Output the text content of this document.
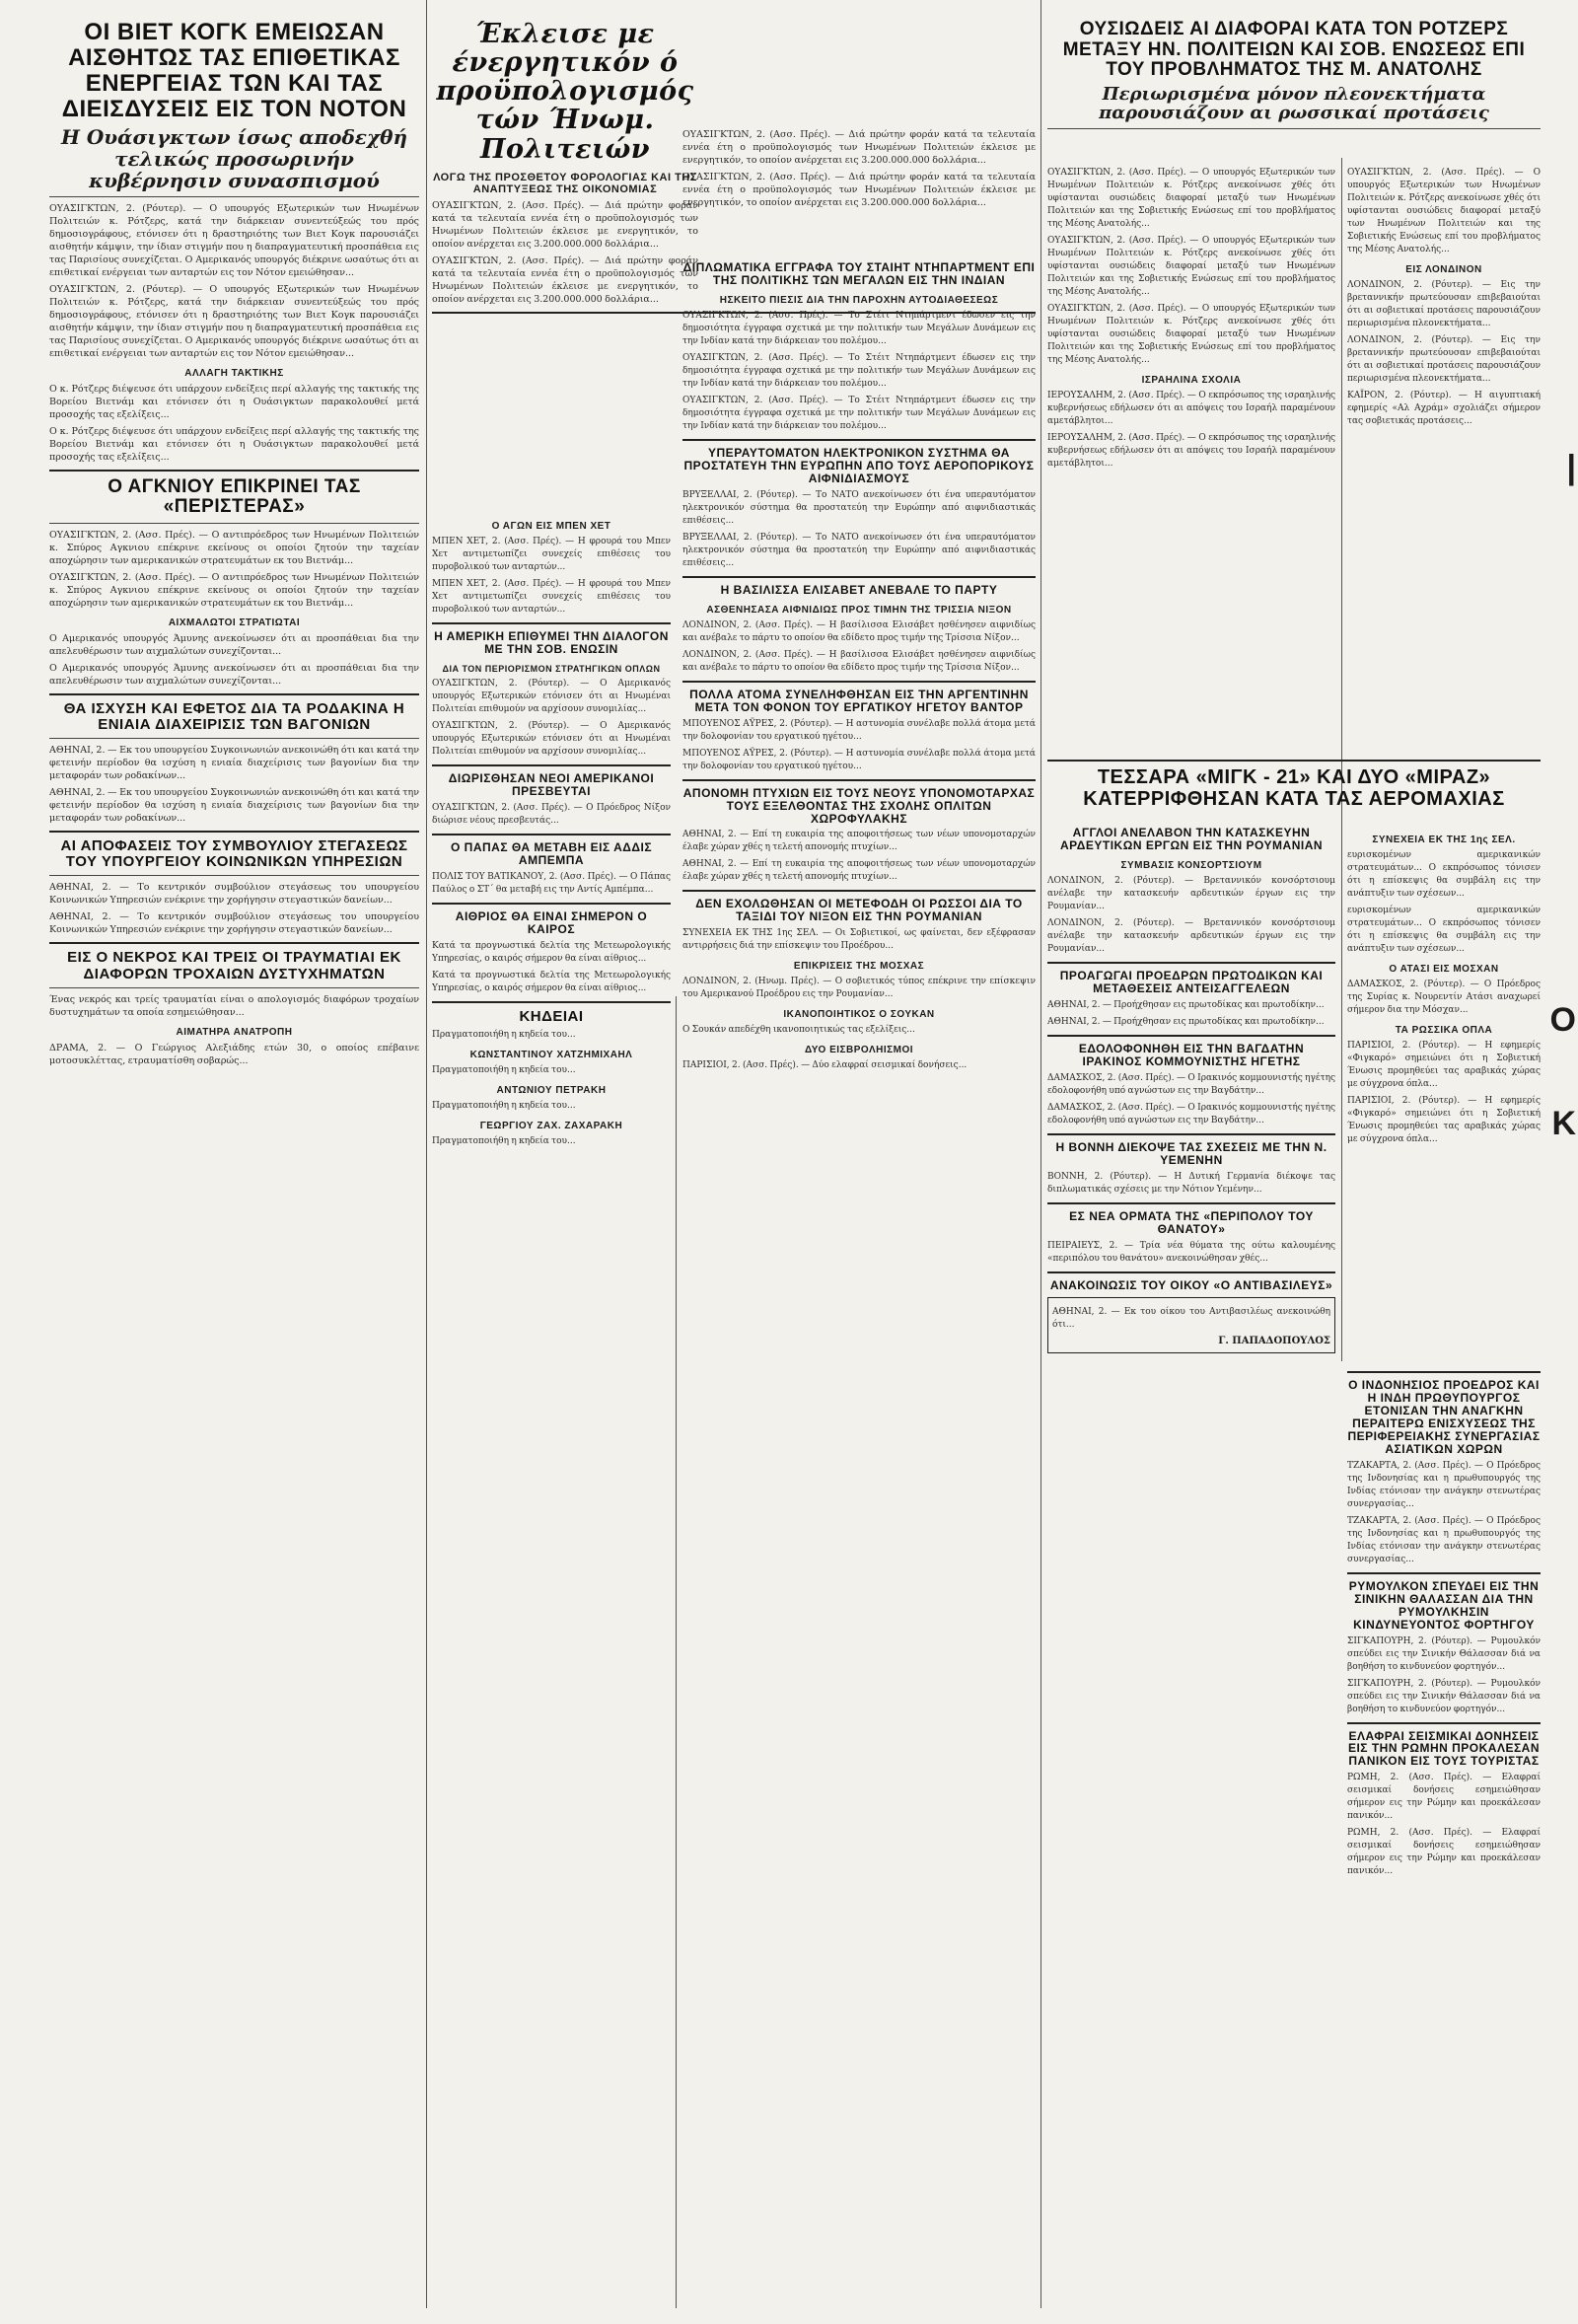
ΟΙ ΒΙΕΤ ΚΟΓΚ ΕΜΕΙΩΣΑΝ ΑΙΣΘΗΤΩΣ ΤΑΣ ΕΠΙΘΕΤΙΚΑΣ ΕΝΕΡΓΕΙΑΣ ΤΩΝ ΚΑΙ ΤΑΣ ΔΙΕΙΣΔΥΣΕΙΣ ΕΙΣ ΤΟΝ ΝΟΤΟΝ
Η Ουάσιγκτων ίσως αποδεχθή τελικώς προσωρινήν κυβέρνησιν συνασπισμού

ΟΥΑΣΙΓΚΤΩΝ, 2. (Ρόυτερ). — Ο υπουργός Εξωτερικών των Ηνωμένων Πολιτειών κ. Ρότζερς, κατά την διάρκειαν συνεντεύξεώς του πρός δημοσιογράφους, ετόνισεν ότι η δραστηριότης των Βιετ Κογκ παρουσιάζει αισθητήν κάμψιν, την ίδιαν στιγμήν που η διαπραγματευτική προσπάθεια εις τας Παρισίους συνεχίζεται. Ο Αμερικανός υπουργός διέκρινε ωσαύτως ότι αι επιθετικαί ενέργειαι των ανταρτών εις τον Νότον εμειώθησαν...

ΟΥΑΣΙΓΚΤΩΝ, 2. (Ρόυτερ). — Ο υπουργός Εξωτερικών των Ηνωμένων Πολιτειών κ. Ρότζερς, κατά την διάρκειαν συνεντεύξεώς του πρός δημοσιογράφους, ετόνισεν ότι η δραστηριότης των Βιετ Κογκ παρουσιάζει αισθητήν κάμψιν, την ίδιαν στιγμήν που η διαπραγματευτική προσπάθεια εις τας Παρισίους συνεχίζεται. Ο Αμερικανός υπουργός διέκρινε ωσαύτως ότι αι επιθετικαί ενέργειαι των ανταρτών εις τον Νότον εμειώθησαν...

ΑΛΛΑΓΗ ΤΑΚΤΙΚΗΣ

Ο κ. Ρότζερς διέψευσε ότι υπάρχουν ενδείξεις περί αλλαγής της τακτικής της Βορείου Βιετνάμ και ετόνισεν ότι η Ουάσιγκτων παρακολουθεί μετά προσοχής τας εξελίξεις...

Ο κ. Ρότζερς διέψευσε ότι υπάρχουν ενδείξεις περί αλλαγής της τακτικής της Βορείου Βιετνάμ και ετόνισεν ότι η Ουάσιγκτων παρακολουθεί μετά προσοχής τας εξελίξεις...

Ο ΑΓΚΝΙΟΥ ΕΠΙΚΡΙΝΕΙ ΤΑΣ «ΠΕΡΙΣΤΕΡΑΣ»

ΟΥΑΣΙΓΚΤΩΝ, 2. (Ασσ. Πρές). — Ο αντιπρόεδρος των Ηνωμένων Πολιτειών κ. Σπύρος Αγκνιου επέκρινε εκείνους οι οποίοι ζητούν την ταχείαν αποχώρησιν των αμερικανικών στρατευμάτων εκ του Βιετνάμ...

ΟΥΑΣΙΓΚΤΩΝ, 2. (Ασσ. Πρές). — Ο αντιπρόεδρος των Ηνωμένων Πολιτειών κ. Σπύρος Αγκνιου επέκρινε εκείνους οι οποίοι ζητούν την ταχείαν αποχώρησιν των αμερικανικών στρατευμάτων εκ του Βιετνάμ...

ΑΙΧΜΑΛΩΤΟΙ ΣΤΡΑΤΙΩΤΑΙ

Ο Αμερικανός υπουργός Άμυνης ανεκοίνωσεν ότι αι προσπάθειαι δια την απελευθέρωσιν των αιχμαλώτων συνεχίζονται...

Ο Αμερικανός υπουργός Άμυνης ανεκοίνωσεν ότι αι προσπάθειαι δια την απελευθέρωσιν των αιχμαλώτων συνεχίζονται...

ΘΑ ΙΣΧΥΣΗ ΚΑΙ ΕΦΕΤΟΣ ΔΙΑ ΤΑ ΡΟΔΑΚΙΝΑ Η ΕΝΙΑΙΑ ΔΙΑΧΕΙΡΙΣΙΣ ΤΩΝ ΒΑΓΟΝΙΩΝ

ΑΘΗΝΑΙ, 2. — Εκ του υπουργείου Συγκοινωνιών ανεκοινώθη ότι και κατά την φετεινήν περίοδον θα ισχύση η ενιαία διαχείρισις των βαγονίων δια την μεταφοράν των ροδακίνων...

ΑΘΗΝΑΙ, 2. — Εκ του υπουργείου Συγκοινωνιών ανεκοινώθη ότι και κατά την φετεινήν περίοδον θα ισχύση η ενιαία διαχείρισις των βαγονίων δια την μεταφοράν των ροδακίνων...

ΑΙ ΑΠΟΦΑΣΕΙΣ ΤΟΥ ΣΥΜΒΟΥΛΙΟΥ ΣΤΕΓΑΣΕΩΣ ΤΟΥ ΥΠΟΥΡΓΕΙΟΥ ΚΟΙΝΩΝΙΚΩΝ ΥΠΗΡΕΣΙΩΝ

ΑΘΗΝΑΙ, 2. — Το κεντρικόν συμβούλιον στεγάσεως του υπουργείου Κοινωνικών Υπηρεσιών ενέκρινε την χορήγησιν στεγαστικών δανείων...

ΑΘΗΝΑΙ, 2. — Το κεντρικόν συμβούλιον στεγάσεως του υπουργείου Κοινωνικών Υπηρεσιών ενέκρινε την χορήγησιν στεγαστικών δανείων...

ΕΙΣ Ο ΝΕΚΡΟΣ ΚΑΙ ΤΡΕΙΣ ΟΙ ΤΡΑΥΜΑΤΙΑΙ ΕΚ ΔΙΑΦΟΡΩΝ ΤΡΟΧΑΙΩΝ ΔΥΣΤΥΧΗΜΑΤΩΝ

Ένας νεκρός και τρείς τραυματίαι είναι ο απολογισμός διαφόρων τροχαίων δυστυχημάτων τα οποία εσημειώθησαν...

ΑΙΜΑΤΗΡΑ ΑΝΑΤΡΟΠΗ

ΔΡΑΜΑ, 2. — Ο Γεώργιος Αλεξιάδης ετών 30, ο οποίος επέβαινε μοτοσυκλέττας, ετραυματίσθη σοβαρώς...

Ο ΑΓΩΝ ΕΙΣ ΜΠΕΝ ΧΕΤ

ΜΠΕΝ ΧΕΤ, 2. (Ασσ. Πρές). — Η φρουρά του Μπεν Χετ αντιμετωπίζει συνεχείς επιθέσεις του πυροβολικού των ανταρτών...

ΜΠΕΝ ΧΕΤ, 2. (Ασσ. Πρές). — Η φρουρά του Μπεν Χετ αντιμετωπίζει συνεχείς επιθέσεις του πυροβολικού των ανταρτών...

Η ΑΜΕΡΙΚΗ ΕΠΙΘΥΜΕΙ ΤΗΝ ΔΙΑΛΟΓΟΝ ΜΕ ΤΗΝ ΣΟΒ. ΕΝΩΣΙΝ
ΔΙΑ ΤΟΝ ΠΕΡΙΟΡΙΣΜΟΝ ΣΤΡΑΤΗΓΙΚΩΝ ΟΠΛΩΝ

ΟΥΑΣΙΓΚΤΩΝ, 2. (Ρόυτερ). — Ο Αμερικανός υπουργός Εξωτερικών ετόνισεν ότι αι Ηνωμέναι Πολιτείαι επιθυμούν να αρχίσουν συνομιλίας...

ΟΥΑΣΙΓΚΤΩΝ, 2. (Ρόυτερ). — Ο Αμερικανός υπουργός Εξωτερικών ετόνισεν ότι αι Ηνωμέναι Πολιτείαι επιθυμούν να αρχίσουν συνομιλίας...

ΔΙΩΡΙΣΘΗΣΑΝ ΝΕΟΙ ΑΜΕΡΙΚΑΝΟΙ ΠΡΕΣΒΕΥΤΑΙ

ΟΥΑΣΙΓΚΤΩΝ, 2. (Ασσ. Πρές). — Ο Πρόεδρος Νίξον διώρισε νέους πρεσβευτάς...

Ο ΠΑΠΑΣ ΘΑ ΜΕΤΑΒΗ ΕΙΣ ΑΔΔΙΣ ΑΜΠΕΜΠΑ

ΠΟΛΙΣ ΤΟΥ ΒΑΤΙΚΑΝΟΥ, 2. (Ασσ. Πρές). — Ο Πάπας Παύλος ο ΣΤ΄ θα μεταβή εις την Αντίς Αμπέμπα...

ΑΙΘΡΙΟΣ ΘΑ ΕΙΝΑΙ ΣΗΜΕΡΟΝ Ο ΚΑΙΡΟΣ

Κατά τα προγνωστικά δελτία της Μετεωρολογικής Υπηρεσίας, ο καιρός σήμερον θα είναι αίθριος...

Κατά τα προγνωστικά δελτία της Μετεωρολογικής Υπηρεσίας, ο καιρός σήμερον θα είναι αίθριος...

ΚΗΔΕΙΑΙ

Πραγματοποιήθη η κηδεία του...

ΚΩΝΣΤΑΝΤΙΝΟΥ ΧΑΤΖΗΜΙΧΑΗΛ

Πραγματοποιήθη η κηδεία του...

ΑΝΤΩΝΙΟΥ ΠΕΤΡΑΚΗ

Πραγματοποιήθη η κηδεία του...

ΓΕΩΡΓΙΟΥ ΖΑΧ. ΖΑΧΑΡΑΚΗ

Πραγματοποιήθη η κηδεία του...

Έκλεισε με ένεργητικόν ό προϋπολογισμός τών Ήνωμ. Πολιτειών
ΛΟΓΩ ΤΗΣ ΠΡΟΣΘΕΤΟΥ ΦΟΡΟΛΟΓΙΑΣ ΚΑΙ ΤΗΣ ΑΝΑΠΤΥΞΕΩΣ ΤΗΣ ΟΙΚΟΝΟΜΙΑΣ

ΟΥΑΣΙΓΚΤΩΝ, 2. (Ασσ. Πρές). — Διά πρώτην φοράν κατά τα τελευταία εννέα έτη ο προϋπολογισμός των Ηνωμένων Πολιτειών έκλεισε με ενεργητικόν, το οποίον ανέρχεται εις 3.200.000.000 δολλάρια...

ΟΥΑΣΙΓΚΤΩΝ, 2. (Ασσ. Πρές). — Διά πρώτην φοράν κατά τα τελευταία εννέα έτη ο προϋπολογισμός των Ηνωμένων Πολιτειών έκλεισε με ενεργητικόν, το οποίον ανέρχεται εις 3.200.000.000 δολλάρια...

ΟΥΑΣΙΓΚΤΩΝ, 2. (Ασσ. Πρές). — Διά πρώτην φοράν κατά τα τελευταία εννέα έτη ο προϋπολογισμός των Ηνωμένων Πολιτειών έκλεισε με ενεργητικόν, το οποίον ανέρχεται εις 3.200.000.000 δολλάρια...

ΟΥΑΣΙΓΚΤΩΝ, 2. (Ασσ. Πρές). — Διά πρώτην φοράν κατά τα τελευταία εννέα έτη ο προϋπολογισμός των Ηνωμένων Πολιτειών έκλεισε με ενεργητικόν, το οποίον ανέρχεται εις 3.200.000.000 δολλάρια...

ΔΙΠΛΩΜΑΤΙΚΑ ΕΓΓΡΑΦΑ ΤΟΥ ΣΤΑΙΗΤ ΝΤΗΠΑΡΤΜΕΝΤ ΕΠΙ ΤΗΣ ΠΟΛΙΤΙΚΗΣ ΤΩΝ ΜΕΓΑΛΩΝ ΕΙΣ ΤΗΝ ΙΝΔΙΑΝ
ΗΣΚΕΙΤΟ ΠΙΕΣΙΣ ΔΙΑ ΤΗΝ ΠΑΡΟΧΗΝ ΑΥΤΟΔΙΑΘΕΣΕΩΣ

ΟΥΑΣΙΓΚΤΩΝ, 2. (Ασσ. Πρές). — Το Στέιτ Ντηπάρτμεντ έδωσεν εις την δημοσιότητα έγγραφα σχετικά με την πολιτικήν των Μεγάλων Δυνάμεων εις την Ινδίαν κατά την διάρκειαν του πολέμου...

ΟΥΑΣΙΓΚΤΩΝ, 2. (Ασσ. Πρές). — Το Στέιτ Ντηπάρτμεντ έδωσεν εις την δημοσιότητα έγγραφα σχετικά με την πολιτικήν των Μεγάλων Δυνάμεων εις την Ινδίαν κατά την διάρκειαν του πολέμου...

ΟΥΑΣΙΓΚΤΩΝ, 2. (Ασσ. Πρές). — Το Στέιτ Ντηπάρτμεντ έδωσεν εις την δημοσιότητα έγγραφα σχετικά με την πολιτικήν των Μεγάλων Δυνάμεων εις την Ινδίαν κατά την διάρκειαν του πολέμου...

ΥΠΕΡΑΥΤΟΜΑΤΟΝ ΗΛΕΚΤΡΟΝΙΚΟΝ ΣΥΣΤΗΜΑ ΘΑ ΠΡΟΣΤΑΤΕΥΗ ΤΗΝ ΕΥΡΩΠΗΝ ΑΠΟ ΤΟΥΣ ΑΕΡΟΠΟΡΙΚΟΥΣ ΑΙΦΝΙΔΙΑΣΜΟΥΣ

ΒΡΥΞΕΛΛΑΙ, 2. (Ρόυτερ). — Το ΝΑΤΟ ανεκοίνωσεν ότι ένα υπεραυτόματον ηλεκτρονικόν σύστημα θα προστατεύη την Ευρώπην από αιφνιδιαστικάς επιθέσεις...

ΒΡΥΞΕΛΛΑΙ, 2. (Ρόυτερ). — Το ΝΑΤΟ ανεκοίνωσεν ότι ένα υπεραυτόματον ηλεκτρονικόν σύστημα θα προστατεύη την Ευρώπην από αιφνιδιαστικάς επιθέσεις...

Η ΒΑΣΙΛΙΣΣΑ ΕΛΙΣΑΒΕΤ ΑΝΕΒΑΛΕ ΤΟ ΠΑΡΤΥ
ΑΣΘΕΝΗΣΑΣΑ ΑΙΦΝΙΔΙΩΣ ΠΡΟΣ ΤΙΜΗΝ ΤΗΣ ΤΡΙΣΣΙΑ ΝΙΞΟΝ

ΛΟΝΔΙΝΟΝ, 2. (Ασσ. Πρές). — Η βασίλισσα Ελισάβετ ησθένησεν αιφνιδίως και ανέβαλε το πάρτυ το οποίον θα εδίδετο προς τιμήν της Τρίσσια Νίξον...

ΛΟΝΔΙΝΟΝ, 2. (Ασσ. Πρές). — Η βασίλισσα Ελισάβετ ησθένησεν αιφνιδίως και ανέβαλε το πάρτυ το οποίον θα εδίδετο προς τιμήν της Τρίσσια Νίξον...

ΠΟΛΛΑ ΑΤΟΜΑ ΣΥΝΕΛΗΦΘΗΣΑΝ ΕΙΣ ΤΗΝ ΑΡΓΕΝΤΙΝΗΝ ΜΕΤΑ ΤΟΝ ΦΟΝΟΝ ΤΟΥ ΕΡΓΑΤΙΚΟΥ ΗΓΕΤΟΥ ΒΑΝΤΟΡ

ΜΠΟΥΕΝΟΣ ΑΫΡΕΣ, 2. (Ρόυτερ). — Η αστυνομία συνέλαβε πολλά άτομα μετά την δολοφονίαν του εργατικού ηγέτου...

ΜΠΟΥΕΝΟΣ ΑΫΡΕΣ, 2. (Ρόυτερ). — Η αστυνομία συνέλαβε πολλά άτομα μετά την δολοφονίαν του εργατικού ηγέτου...

ΑΠΟΝΟΜΗ ΠΤΥΧΙΩΝ ΕΙΣ ΤΟΥΣ ΝΕΟΥΣ ΥΠΟΝΟΜΟΤΑΡΧΑΣ ΤΟΥΣ ΕΞΕΛΘΟΝΤΑΣ ΤΗΣ ΣΧΟΛΗΣ ΟΠΛΙΤΩΝ ΧΩΡΟΦΥΛΑΚΗΣ

ΑΘΗΝΑΙ, 2. — Επί τη ευκαιρία της αποφοιτήσεως των νέων υπονομοταρχών έλαβε χώραν χθές η τελετή απονομής πτυχίων...

ΑΘΗΝΑΙ, 2. — Επί τη ευκαιρία της αποφοιτήσεως των νέων υπονομοταρχών έλαβε χώραν χθές η τελετή απονομής πτυχίων...

ΔΕΝ ΕΧΟΛΩΘΗΣΑΝ ΟΙ ΜΕΤΕΦΟΔΗ ΟΙ ΡΩΣΣΟΙ ΔΙΑ ΤΟ ΤΑΞΙΔΙ ΤΟΥ ΝΙΞΟΝ ΕΙΣ ΤΗΝ ΡΟΥΜΑΝΙΑΝ

ΣΥΝΕΧΕΙΑ ΕΚ ΤΗΣ 1ης ΣΕΛ. — Οι Σοβιετικοί, ως φαίνεται, δεν εξέφρασαν αντιρρήσεις διά την επίσκεψιν του Προέδρου...

ΕΠΙΚΡΙΣΕΙΣ ΤΗΣ ΜΟΣΧΑΣ

ΛΟΝΔΙΝΟΝ, 2. (Ηνωμ. Πρές). — Ο σοβιετικός τύπος επέκρινε την επίσκεψιν του Αμερικανού Προέδρου εις την Ρουμανίαν...

ΙΚΑΝΟΠΟΙΗΤΙΚΟΣ Ο ΣΟΥΚΑΝ

Ο Σουκάν απεδέχθη ικανοποιητικώς τας εξελίξεις...

ΔΥΟ ΕΙΣΒΡΟΛΗΙΣΜΟΙ

ΠΑΡΙΣΙΟΙ, 2. (Ασσ. Πρές). — Δύο ελαφραί σεισμικαί δονήσεις...

ΟΥΣΙΩΔΕΙΣ ΑΙ ΔΙΑΦΟΡΑΙ ΚΑΤΑ ΤΟΝ ΡΟΤΖΕΡΣ ΜΕΤΑΞΥ ΗΝ. ΠΟΛΙΤΕΙΩΝ ΚΑΙ ΣΟΒ. ΕΝΩΣΕΩΣ ΕΠΙ ΤΟΥ ΠΡΟΒΛΗΜΑΤΟΣ ΤΗΣ Μ. ΑΝΑΤΟΛΗΣ
Περιωρισμένα μόνον πλεονεκτήματα παρουσιάζουν αι ρωσσικαί προτάσεις

ΟΥΑΣΙΓΚΤΩΝ, 2. (Ασσ. Πρές). — Ο υπουργός Εξωτερικών των Ηνωμένων Πολιτειών κ. Ρότζερς ανεκοίνωσε χθές ότι υφίστανται ουσιώδεις διαφοραί μεταξύ των Ηνωμένων Πολιτειών και της Σοβιετικής Ενώσεως επί του προβλήματος της Μέσης Ανατολής...

ΟΥΑΣΙΓΚΤΩΝ, 2. (Ασσ. Πρές). — Ο υπουργός Εξωτερικών των Ηνωμένων Πολιτειών κ. Ρότζερς ανεκοίνωσε χθές ότι υφίστανται ουσιώδεις διαφοραί μεταξύ των Ηνωμένων Πολιτειών και της Σοβιετικής Ενώσεως επί του προβλήματος της Μέσης Ανατολής...

ΟΥΑΣΙΓΚΤΩΝ, 2. (Ασσ. Πρές). — Ο υπουργός Εξωτερικών των Ηνωμένων Πολιτειών κ. Ρότζερς ανεκοίνωσε χθές ότι υφίστανται ουσιώδεις διαφοραί μεταξύ των Ηνωμένων Πολιτειών και της Σοβιετικής Ενώσεως επί του προβλήματος της Μέσης Ανατολής...

ΙΣΡΑΗΛΙΝΑ ΣΧΟΛΙΑ

ΙΕΡΟΥΣΑΛΗΜ, 2. (Ασσ. Πρές). — Ο εκπρόσωπος της ισραηλινής κυβερνήσεως εδήλωσεν ότι αι απόψεις του Ισραήλ παραμένουν αμετάβλητοι...

ΙΕΡΟΥΣΑΛΗΜ, 2. (Ασσ. Πρές). — Ο εκπρόσωπος της ισραηλινής κυβερνήσεως εδήλωσεν ότι αι απόψεις του Ισραήλ παραμένουν αμετάβλητοι...

ΟΥΑΣΙΓΚΤΩΝ, 2. (Ασσ. Πρές). — Ο υπουργός Εξωτερικών των Ηνωμένων Πολιτειών κ. Ρότζερς ανεκοίνωσε χθές ότι υφίστανται ουσιώδεις διαφοραί μεταξύ των Ηνωμένων Πολιτειών και της Σοβιετικής Ενώσεως επί του προβλήματος της Μέσης Ανατολής...

ΕΙΣ ΛΟΝΔΙΝΟΝ

ΛΟΝΔΙΝΟΝ, 2. (Ρόυτερ). — Εις την βρεταννικήν πρωτεύουσαν επιβεβαιούται ότι αι σοβιετικαί προτάσεις παρουσιάζουν περιωρισμένα πλεονεκτήματα...

ΛΟΝΔΙΝΟΝ, 2. (Ρόυτερ). — Εις την βρεταννικήν πρωτεύουσαν επιβεβαιούται ότι αι σοβιετικαί προτάσεις παρουσιάζουν περιωρισμένα πλεονεκτήματα...

ΚΑΪΡΟΝ, 2. (Ρόυτερ). — Η αιγυπτιακή εφημερίς «Αλ Αχράμ» σχολιάζει σήμερον τας σοβιετικάς προτάσεις...

ΤΕΣΣΑΡΑ «ΜΙΓΚ - 21» ΚΑΙ ΔΥΟ «ΜΙΡΑΖ» ΚΑΤΕΡΡΙΦΘΗΣΑΝ ΚΑΤΑ ΤΑΣ ΑΕΡΟΜΑΧΙΑΣ
ΑΓΓΛΟΙ ΑΝΕΛΑΒΟΝ ΤΗΝ ΚΑΤΑΣΚΕΥΗΝ ΑΡΔΕΥΤΙΚΩΝ ΕΡΓΩΝ ΕΙΣ ΤΗΝ ΡΟΥΜΑΝΙΑΝ
ΣΥΜΒΑΣΙΣ ΚΟΝΣΟΡΤΣΙΟΥΜ

ΛΟΝΔΙΝΟΝ, 2. (Ρόυτερ). — Βρεταννικόν κονσόρτσιουμ ανέλαβε την κατασκευήν αρδευτικών έργων εις την Ρουμανίαν...

ΛΟΝΔΙΝΟΝ, 2. (Ρόυτερ). — Βρεταννικόν κονσόρτσιουμ ανέλαβε την κατασκευήν αρδευτικών έργων εις την Ρουμανίαν...

ΠΡΟΑΓΩΓΑΙ ΠΡΟΕΔΡΩΝ ΠΡΩΤΟΔΙΚΩΝ ΚΑΙ ΜΕΤΑΘΕΣΕΙΣ ΑΝΤΕΙΣΑΓΓΕΛΕΩΝ

ΑΘΗΝΑΙ, 2. — Προήχθησαν εις πρωτοδίκας και πρωτοδίκην...

ΑΘΗΝΑΙ, 2. — Προήχθησαν εις πρωτοδίκας και πρωτοδίκην...

ΕΔΟΛΟΦΟΝΗΘΗ ΕΙΣ ΤΗΝ ΒΑΓΔΑΤΗΝ ΙΡΑΚΙΝΟΣ ΚΟΜΜΟΥΝΙΣΤΗΣ ΗΓΕΤΗΣ

ΔΑΜΑΣΚΟΣ, 2. (Ασσ. Πρές). — Ο Ιρακινός κομμουνιστής ηγέτης εδολοφονήθη υπό αγνώστων εις την Βαγδάτην...

ΔΑΜΑΣΚΟΣ, 2. (Ασσ. Πρές). — Ο Ιρακινός κομμουνιστής ηγέτης εδολοφονήθη υπό αγνώστων εις την Βαγδάτην...

Η ΒΟΝΝΗ ΔΙΕΚΟΨΕ ΤΑΣ ΣΧΕΣΕΙΣ ΜΕ ΤΗΝ Ν. ΥΕΜΕΝΗΝ

ΒΟΝΝΗ, 2. (Ρόυτερ). — Η Δυτική Γερμανία διέκοψε τας διπλωματικάς σχέσεις με την Νότιον Υεμένην...

ΕΣ ΝΕΑ ΟΡΜΑΤΑ ΤΗΣ «ΠΕΡΙΠΟΛΟΥ ΤΟΥ ΘΑΝΑΤΟΥ»

ΠΕΙΡΑΙΕΥΣ, 2. — Τρία νέα θύματα της ούτω καλουμένης «περιπόλου του θανάτου» ανεκοινώθησαν χθές...

ΑΝΑΚΟΙΝΩΣΙΣ ΤΟΥ ΟΙΚΟΥ «Ο ΑΝΤΙΒΑΣΙΛΕΥΣ»

ΑΘΗΝΑΙ, 2. — Εκ του οίκου του Αντιβασιλέως ανεκοινώθη ότι...

Γ. ΠΑΠΑΔΟΠΟΥΛΟΣ
ΣΥΝΕΧΕΙΑ ΕΚ ΤΗΣ 1ης ΣΕΛ.

ευρισκομένων αμερικανικών στρατευμάτων... Ο εκπρόσωπος τόνισεν ότι η επίσκεψις θα συμβάλη εις την ανάπτυξιν των σχέσεων...

ευρισκομένων αμερικανικών στρατευμάτων... Ο εκπρόσωπος τόνισεν ότι η επίσκεψις θα συμβάλη εις την ανάπτυξιν των σχέσεων...

Ο ΑΤΑΣΙ ΕΙΣ ΜΟΣΧΑΝ

ΔΑΜΑΣΚΟΣ, 2. (Ρόυτερ). — Ο Πρόεδρος της Συρίας κ. Νουρεντίν Ατάσι αναχωρεί σήμερον δια την Μόσχαν...

ΤΑ ΡΩΣΣΙΚΑ ΟΠΛΑ

ΠΑΡΙΣΙΟΙ, 2. (Ρόυτερ). — Η εφημερίς «Φιγκαρό» σημειώνει ότι η Σοβιετική Ένωσις προμηθεύει τας αραβικάς χώρας με σύγχρονα όπλα...

ΠΑΡΙΣΙΟΙ, 2. (Ρόυτερ). — Η εφημερίς «Φιγκαρό» σημειώνει ότι η Σοβιετική Ένωσις προμηθεύει τας αραβικάς χώρας με σύγχρονα όπλα...

Ο ΙΝΔΟΝΗΣΙΟΣ ΠΡΟΕΔΡΟΣ ΚΑΙ Η ΙΝΔΗ ΠΡΩΘΥΠΟΥΡΓΟΣ ΕΤΟΝΙΣΑΝ ΤΗΝ ΑΝΑΓΚΗΝ ΠΕΡΑΙΤΕΡΩ ΕΝΙΣΧΥΣΕΩΣ ΤΗΣ ΠΕΡΙΦΕΡΕΙΑΚΗΣ ΣΥΝΕΡΓΑΣΙΑΣ ΑΣΙΑΤΙΚΩΝ ΧΩΡΩΝ

ΤΖΑΚΑΡΤΑ, 2. (Ασσ. Πρές). — Ο Πρόεδρος της Ινδονησίας και η πρωθυπουργός της Ινδίας ετόνισαν την ανάγκην στενωτέρας συνεργασίας...

ΤΖΑΚΑΡΤΑ, 2. (Ασσ. Πρές). — Ο Πρόεδρος της Ινδονησίας και η πρωθυπουργός της Ινδίας ετόνισαν την ανάγκην στενωτέρας συνεργασίας...

ΡΥΜΟΥΛΚΟΝ ΣΠΕΥΔΕΙ ΕΙΣ ΤΗΝ ΣΙΝΙΚΗΝ ΘΑΛΑΣΣΑΝ ΔΙΑ ΤΗΝ ΡΥΜΟΥΛΚΗΣΙΝ ΚΙΝΔΥΝΕΥΟΝΤΟΣ ΦΟΡΤΗΓΟΥ

ΣΙΓΚΑΠΟΥΡΗ, 2. (Ρόυτερ). — Ρυμουλκόν σπεύδει εις την Σινικήν Θάλασσαν διά να βοηθήση το κινδυνεύον φορτηγόν...

ΣΙΓΚΑΠΟΥΡΗ, 2. (Ρόυτερ). — Ρυμουλκόν σπεύδει εις την Σινικήν Θάλασσαν διά να βοηθήση το κινδυνεύον φορτηγόν...

ΕΛΑΦΡΑΙ ΣΕΙΣΜΙΚΑΙ ΔΟΝΗΣΕΙΣ ΕΙΣ ΤΗΝ ΡΩΜΗΝ ΠΡΟΚΑΛΕΣΑΝ ΠΑΝΙΚΟΝ ΕΙΣ ΤΟΥΣ ΤΟΥΡΙΣΤΑΣ

ΡΩΜΗ, 2. (Ασσ. Πρές). — Ελαφραί σεισμικαί δονήσεις εσημειώθησαν σήμερον εις την Ρώμην και προεκάλεσαν πανικόν...

ΡΩΜΗ, 2. (Ασσ. Πρές). — Ελαφραί σεισμικαί δονήσεις εσημειώθησαν σήμερον εις την Ρώμην και προεκάλεσαν πανικόν...

|
O
K
